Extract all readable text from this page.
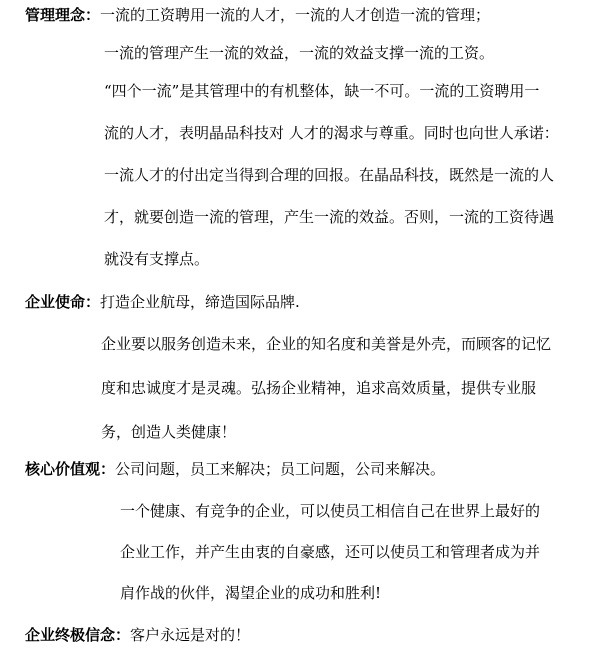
管理理念：一流的工资聘用一流的人才，一流的人才创造一流的管理；
一流的管理产生一流的效益，一流的效益支撑一流的工资。
“四个一流”是其管理中的有机整体，缺一不可。一流的工资聘用一
流的人才，表明晶品科技对 人才的渴求与尊重。同时也向世人承诺：
一流人才的付出定当得到合理的回报。在晶品科技，既然是一流的人
才，就要创造一流的管理，产生一流的效益。否则，一流的工资待遇
就没有支撑点。
企业使命：打造企业航母，缔造国际品牌.
企业要以服务创造未来，企业的知名度和美誉是外壳，而顾客的记忆
度和忠诚度才是灵魂。弘扬企业精神，追求高效质量，提供专业服
务，创造人类健康！
核心价值观：公司问题，员工来解决；员工问题，公司来解决。
一个健康、有竞争的企业，可以使员工相信自己在世界上最好的
企业工作，并产生由衷的自豪感，还可以使员工和管理者成为并
肩作战的伙伴，渴望企业的成功和胜利!
企业终极信念：客户永远是对的！
